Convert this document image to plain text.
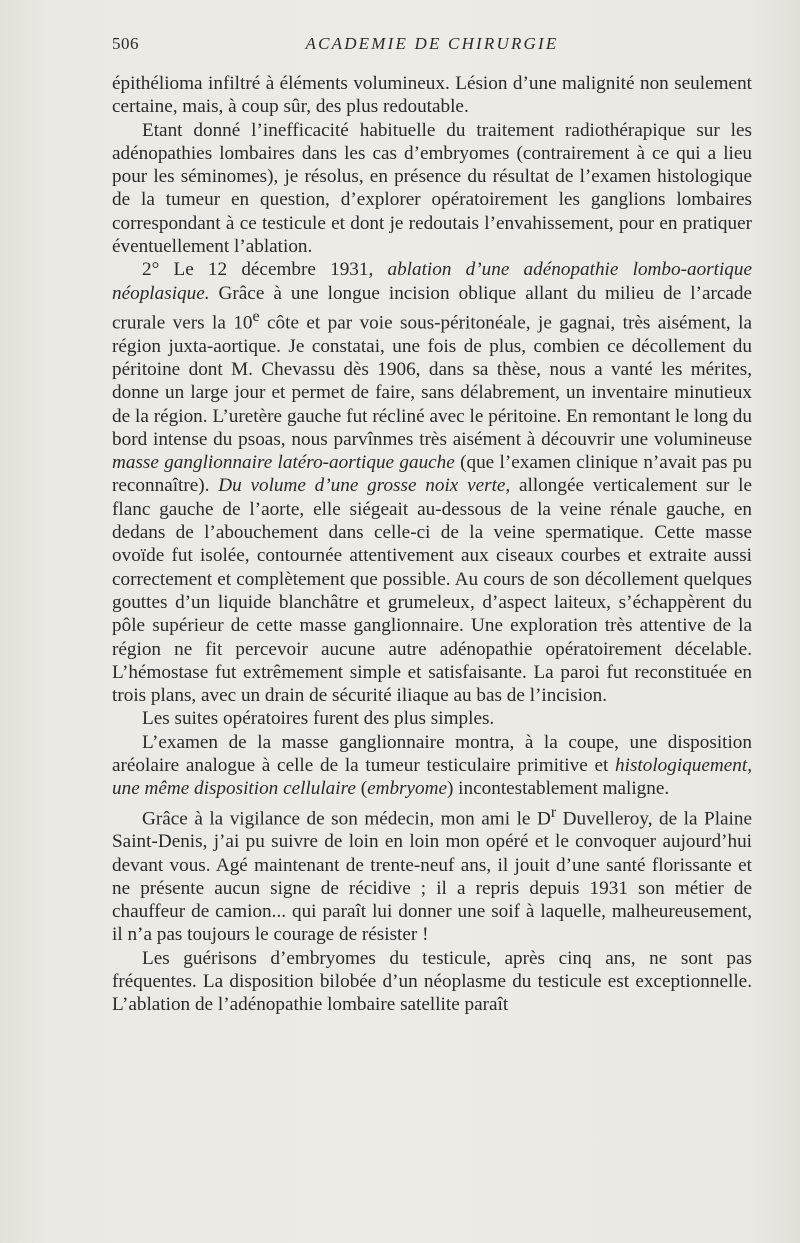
506	ACADEMIE DE CHIRURGIE

épithélioma infiltré à éléments volumineux. Lésion d’une malignité non seulement certaine, mais, à coup sûr, des plus redoutable.

Etant donné l’inefficacité habituelle du traitement radiothérapique sur les adénopathies lombaires dans les cas d’embryomes (contrairement à ce qui a lieu pour les séminomes), je résolus, en présence du résultat de l’examen histologique de la tumeur en question, d’explorer opératoirement les ganglions lombaires correspondant à ce testicule et dont je redoutais l’envahissement, pour en pratiquer éventuellement l’ablation.

2° Le 12 décembre 1931, ablation d’une adénopathie lombo-aortique néoplasique. Grâce à une longue incision oblique allant du milieu de l’arcade crurale vers la 10e côte et par voie sous-péritonéale, je gagnai, très aisément, la région juxta-aortique. Je constatai, une fois de plus, combien ce décollement du péritoine dont M. Chevassu dès 1906, dans sa thèse, nous a vanté les mérites, donne un large jour et permet de faire, sans délabrement, un inventaire minutieux de la région. L’uretère gauche fut récliné avec le péritoine. En remontant le long du bord intense du psoas, nous parvînmes très aisément à découvrir une volumineuse masse ganglionnaire latéro-aortique gauche (que l’examen clinique n’avait pas pu reconnaître). Du volume d’une grosse noix verte, allongée verticalement sur le flanc gauche de l’aorte, elle siégeait au-dessous de la veine rénale gauche, en dedans de l’abouchement dans celle-ci de la veine spermatique. Cette masse ovoïde fut isolée, contournée attentivement aux ciseaux courbes et extraite aussi correctement et complètement que possible. Au cours de son décollement quelques gouttes d’un liquide blanchâtre et grumeleux, d’aspect laiteux, s’échappèrent du pôle supérieur de cette masse ganglionnaire. Une exploration très attentive de la région ne fit percevoir aucune autre adénopathie opératoirement décelable. L’hémostase fut extrêmement simple et satisfaisante. La paroi fut reconstituée en trois plans, avec un drain de sécurité iliaque au bas de l’incision.

Les suites opératoires furent des plus simples.

L’examen de la masse ganglionnaire montra, à la coupe, une disposition aréolaire analogue à celle de la tumeur testiculaire primitive et histologiquement, une même disposition cellulaire (embryome) incontestablement maligne.

Grâce à la vigilance de son médecin, mon ami le $D^r$ Duvelleroy, de la Plaine Saint-Denis, j’ai pu suivre de loin en loin mon opéré et le convoquer aujourd’hui devant vous. Agé maintenant de trente-neuf ans, il jouit d’une santé florissante et ne présente aucun signe de récidive ; il a repris depuis 1931 son métier de chauffeur de camion... qui paraît lui donner une soif à laquelle, malheureusement, il n’a pas toujours le courage de résister !

Les guérisons d’embryomes du testicule, après cinq ans, ne sont pas fréquentes. La disposition bilobée d’un néoplasme du testicule est exceptionnelle. L’ablation de l’adénopathie lombaire satellite paraît
